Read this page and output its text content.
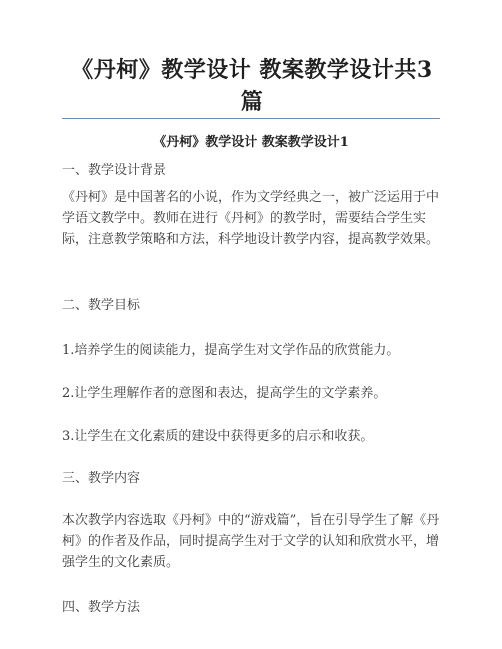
《丹柯》教学设计 教案教学设计共3篇
《丹柯》教学设计 教案教学设计1

一、教学设计背景

《丹柯》是中国著名的小说，作为文学经典之一，被广泛运用于中学语文教学中。教师在进行《丹柯》的教学时，需要结合学生实际，注意教学策略和方法，科学地设计教学内容，提高教学效果。

二、教学目标

1.培养学生的阅读能力，提高学生对文学作品的欣赏能力。

2.让学生理解作者的意图和表达，提高学生的文学素养。

3.让学生在文化素质的建设中获得更多的启示和收获。

三、教学内容

本次教学内容选取《丹柯》中的“游戏篇”，旨在引导学生了解《丹柯》的作者及作品，同时提高学生对于文学的认知和欣赏水平，增强学生的文化素质。

四、教学方法
